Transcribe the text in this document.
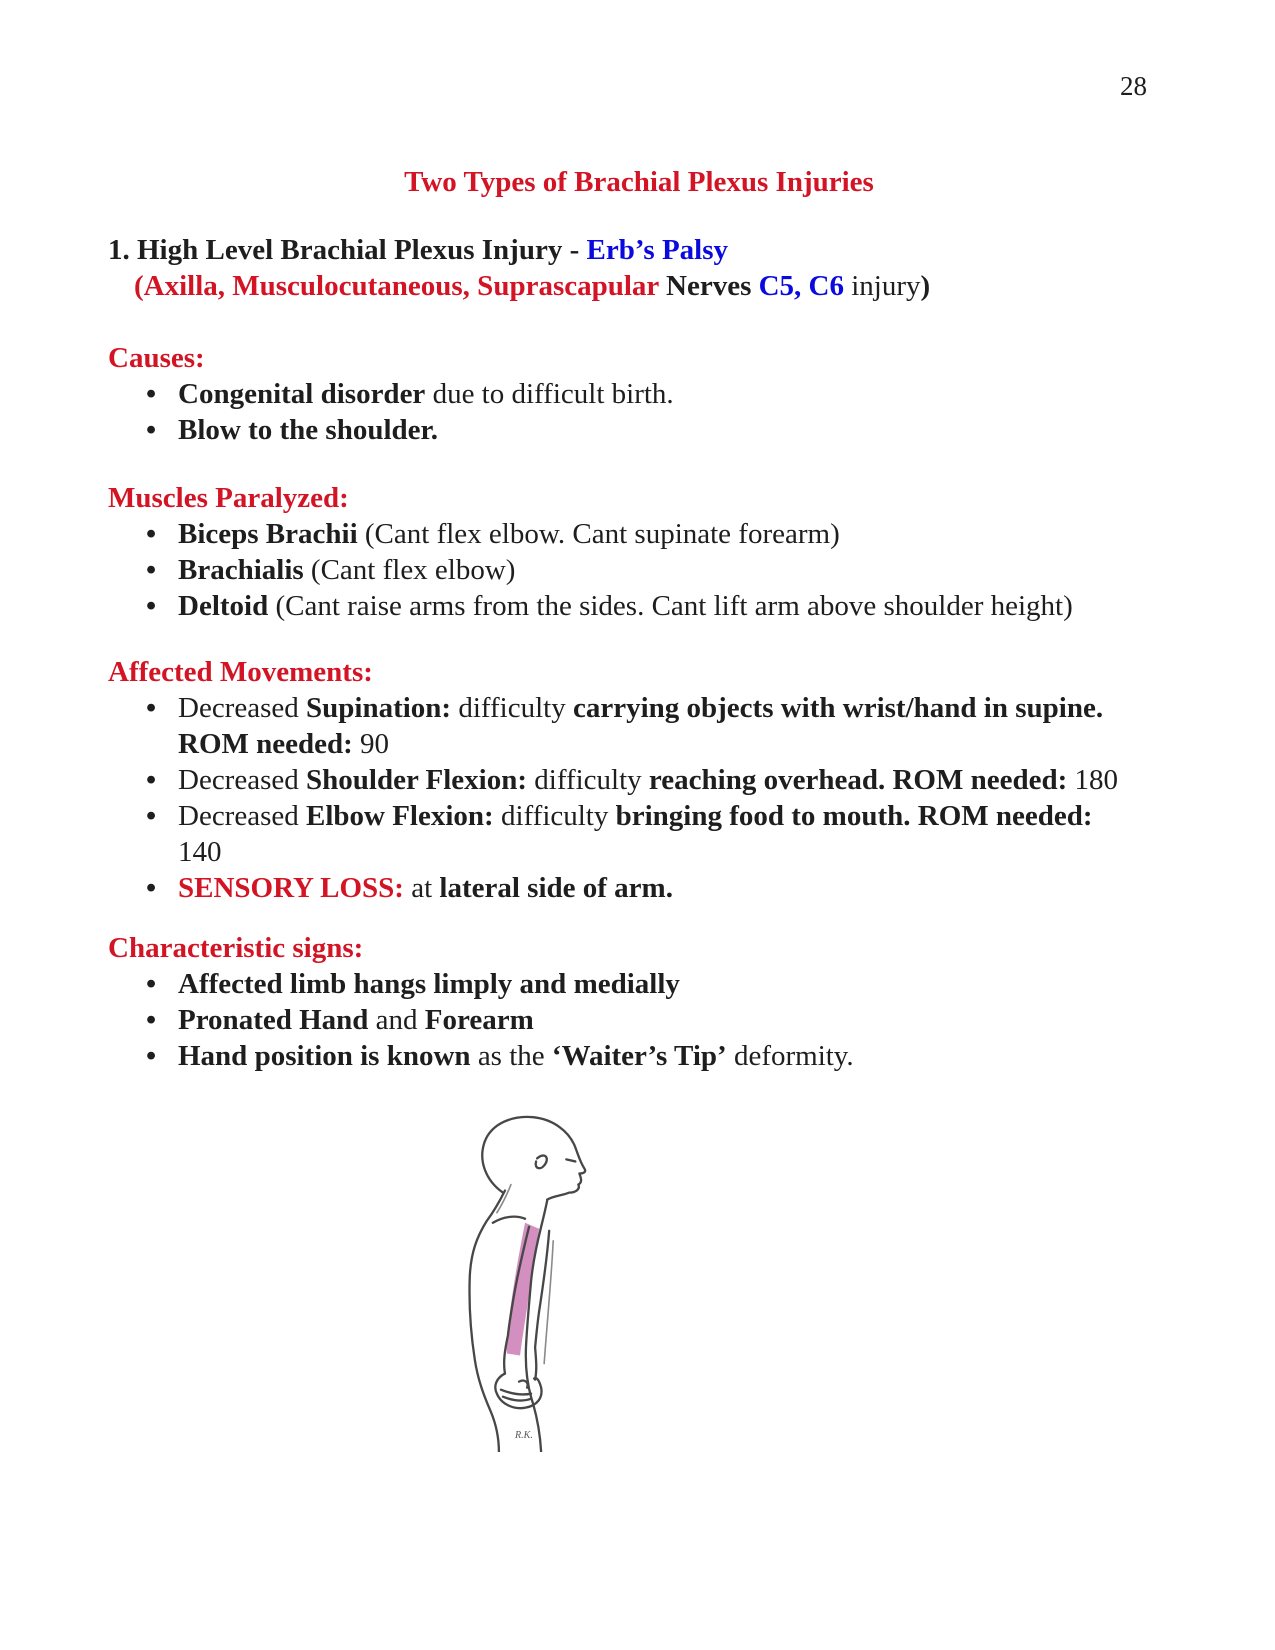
28
Two Types of Brachial Plexus Injuries
1. High Level Brachial Plexus Injury - Erb’s Palsy
(Axilla, Musculocutaneous, Suprascapular Nerves C5, C6 injury)
Causes:
• Congenital disorder due to difficult birth.
• Blow to the shoulder.
Muscles Paralyzed:
• Biceps Brachii (Cant flex elbow. Cant supinate forearm)
• Brachialis (Cant flex elbow)
• Deltoid (Cant raise arms from the sides. Cant lift arm above shoulder height)
Affected Movements:
• Decreased Supination: difficulty carrying objects with wrist/hand in supine.
ROM needed: 90
• Decreased Shoulder Flexion: difficulty reaching overhead. ROM needed: 180
• Decreased Elbow Flexion: difficulty bringing food to mouth. ROM needed:
140
• SENSORY LOSS: at lateral side of arm.
Characteristic signs:
• Affected limb hangs limply and medially
• Pronated Hand and Forearm
• Hand position is known as the ‘Waiter’s Tip’ deformity.
R.K.
